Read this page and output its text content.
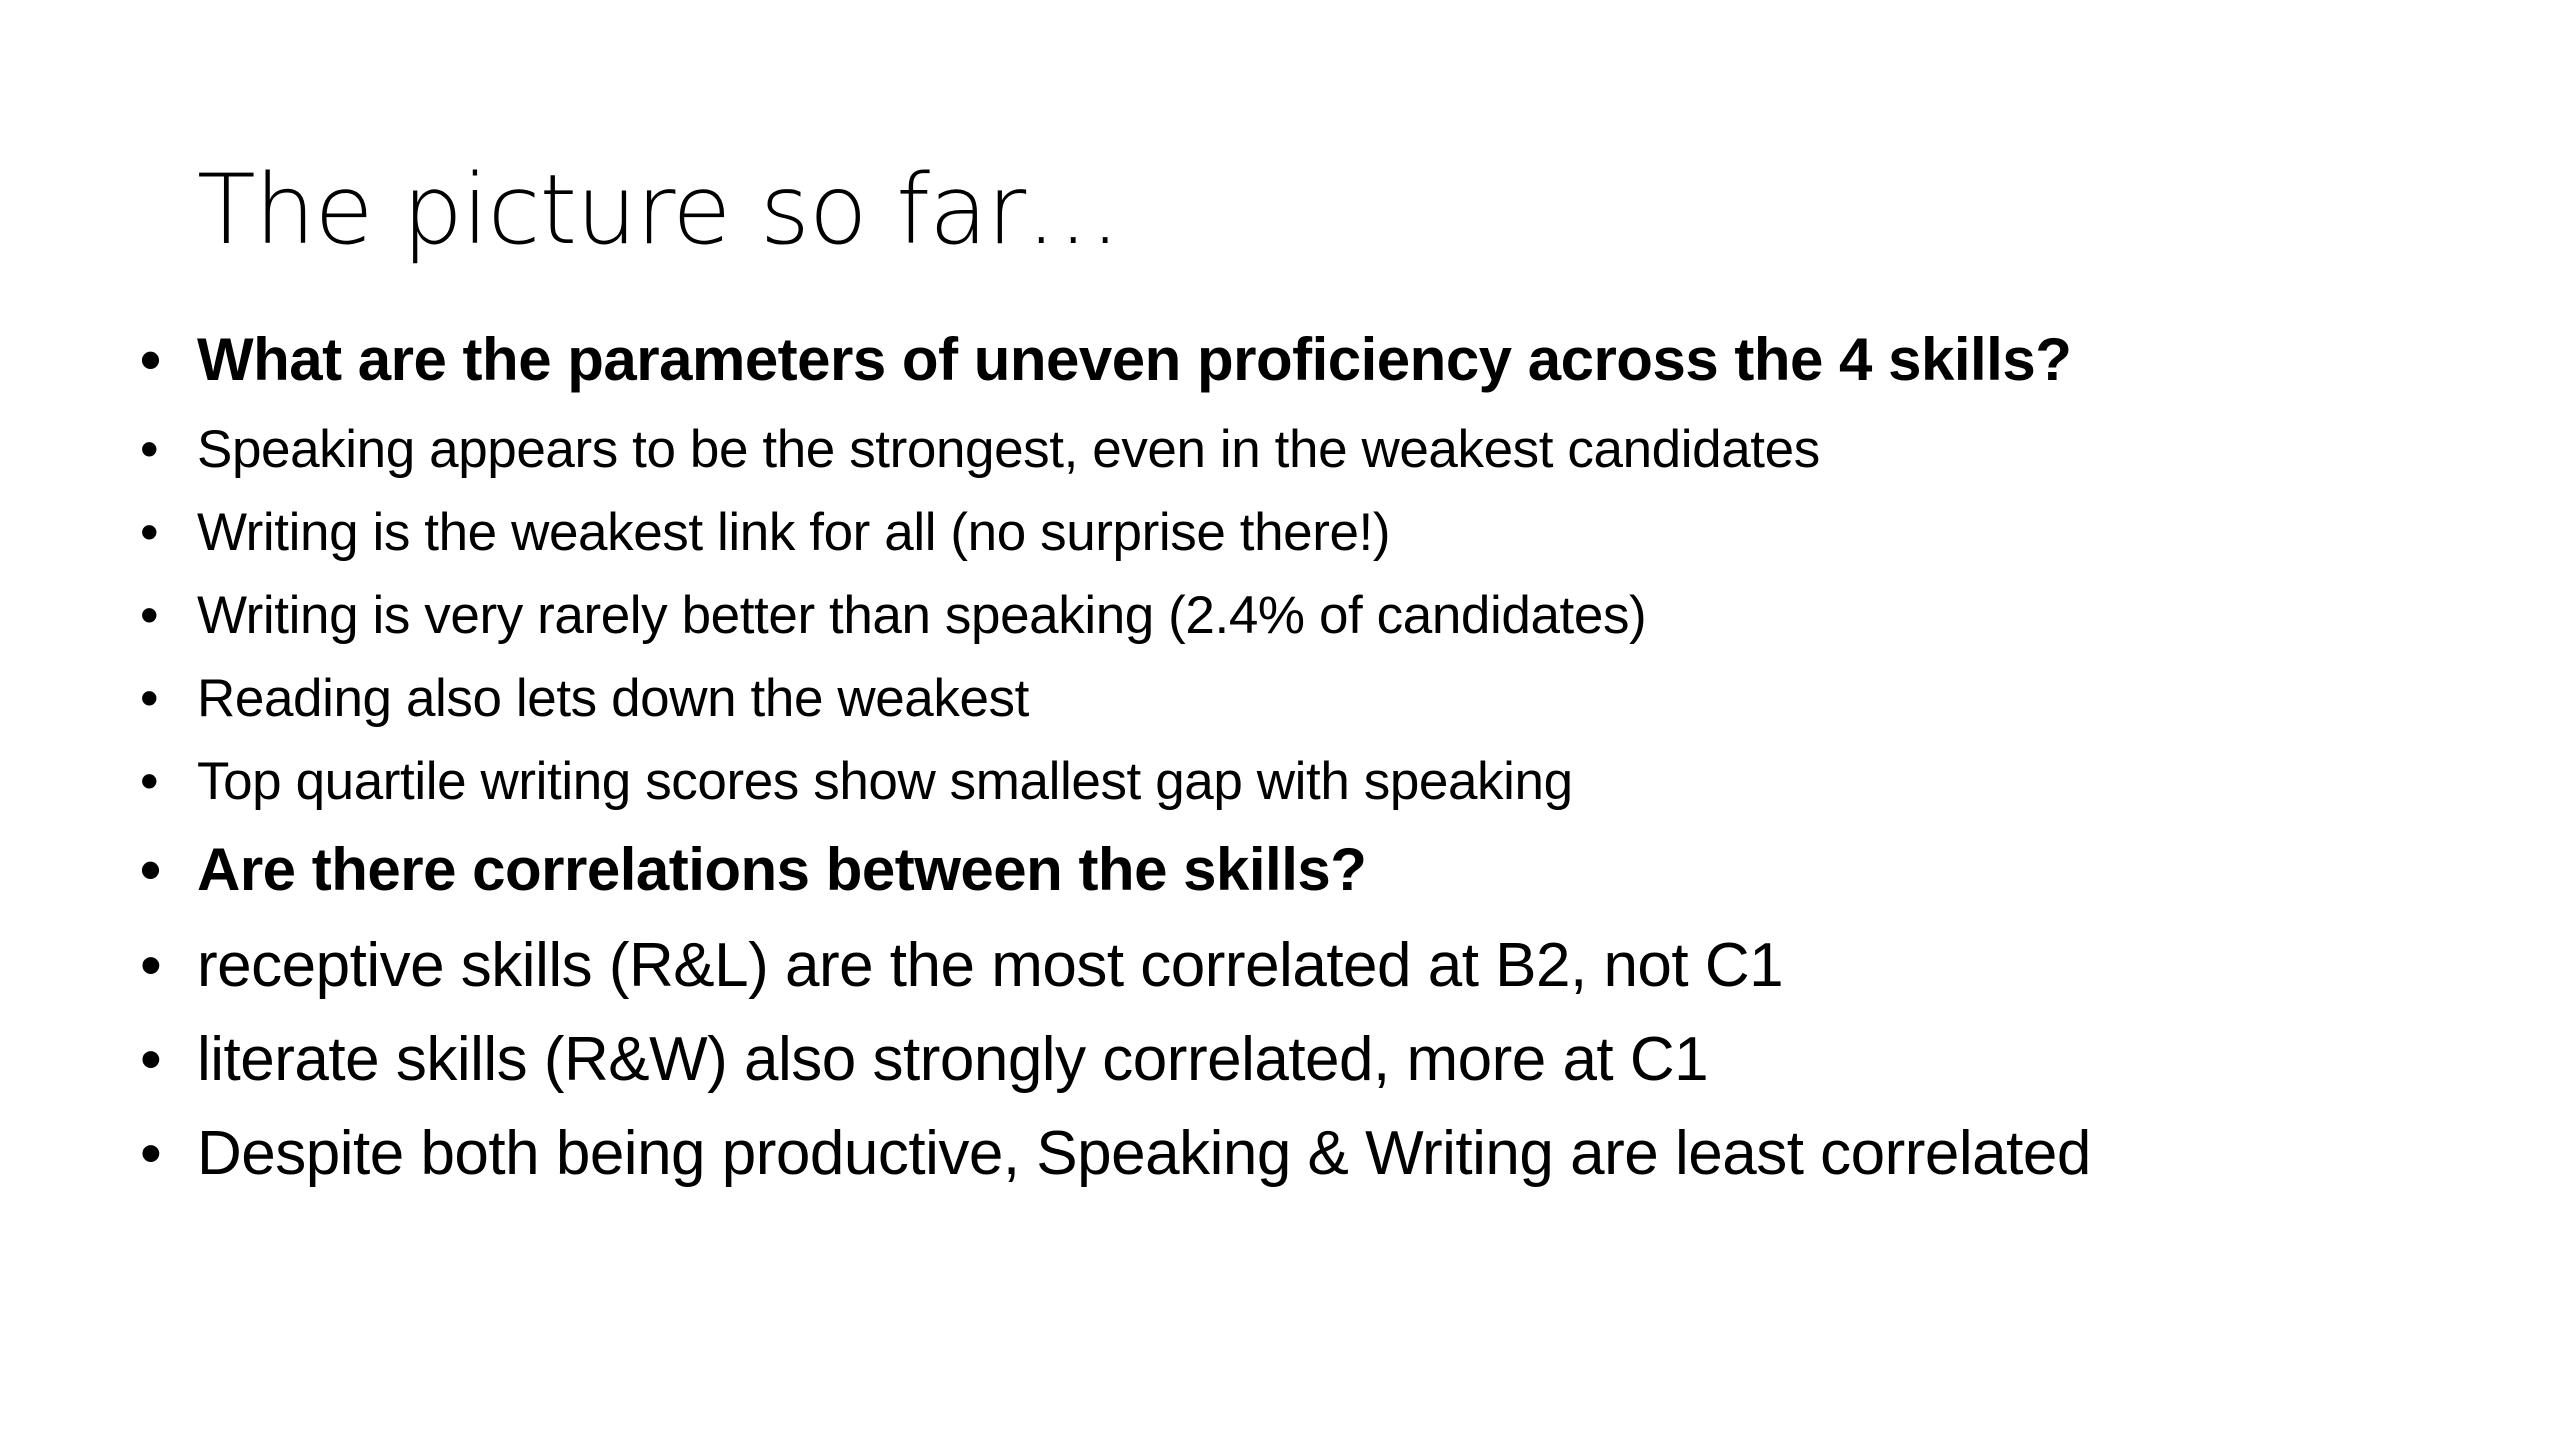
The picture so far…
• What are the parameters of uneven proficiency across the 4 skills?
• Speaking appears to be the strongest, even in the weakest candidates
• Writing is the weakest link for all (no surprise there!)
• Writing is very rarely better than speaking (2.4% of candidates)
• Reading also lets down the weakest
• Top quartile writing scores show smallest gap with speaking
• Are there correlations between the skills?
• receptive skills (R&L) are the most correlated at B2, not C1
• literate skills (R&W) also strongly correlated, more at C1
• Despite both being productive, Speaking & Writing are least correlated
